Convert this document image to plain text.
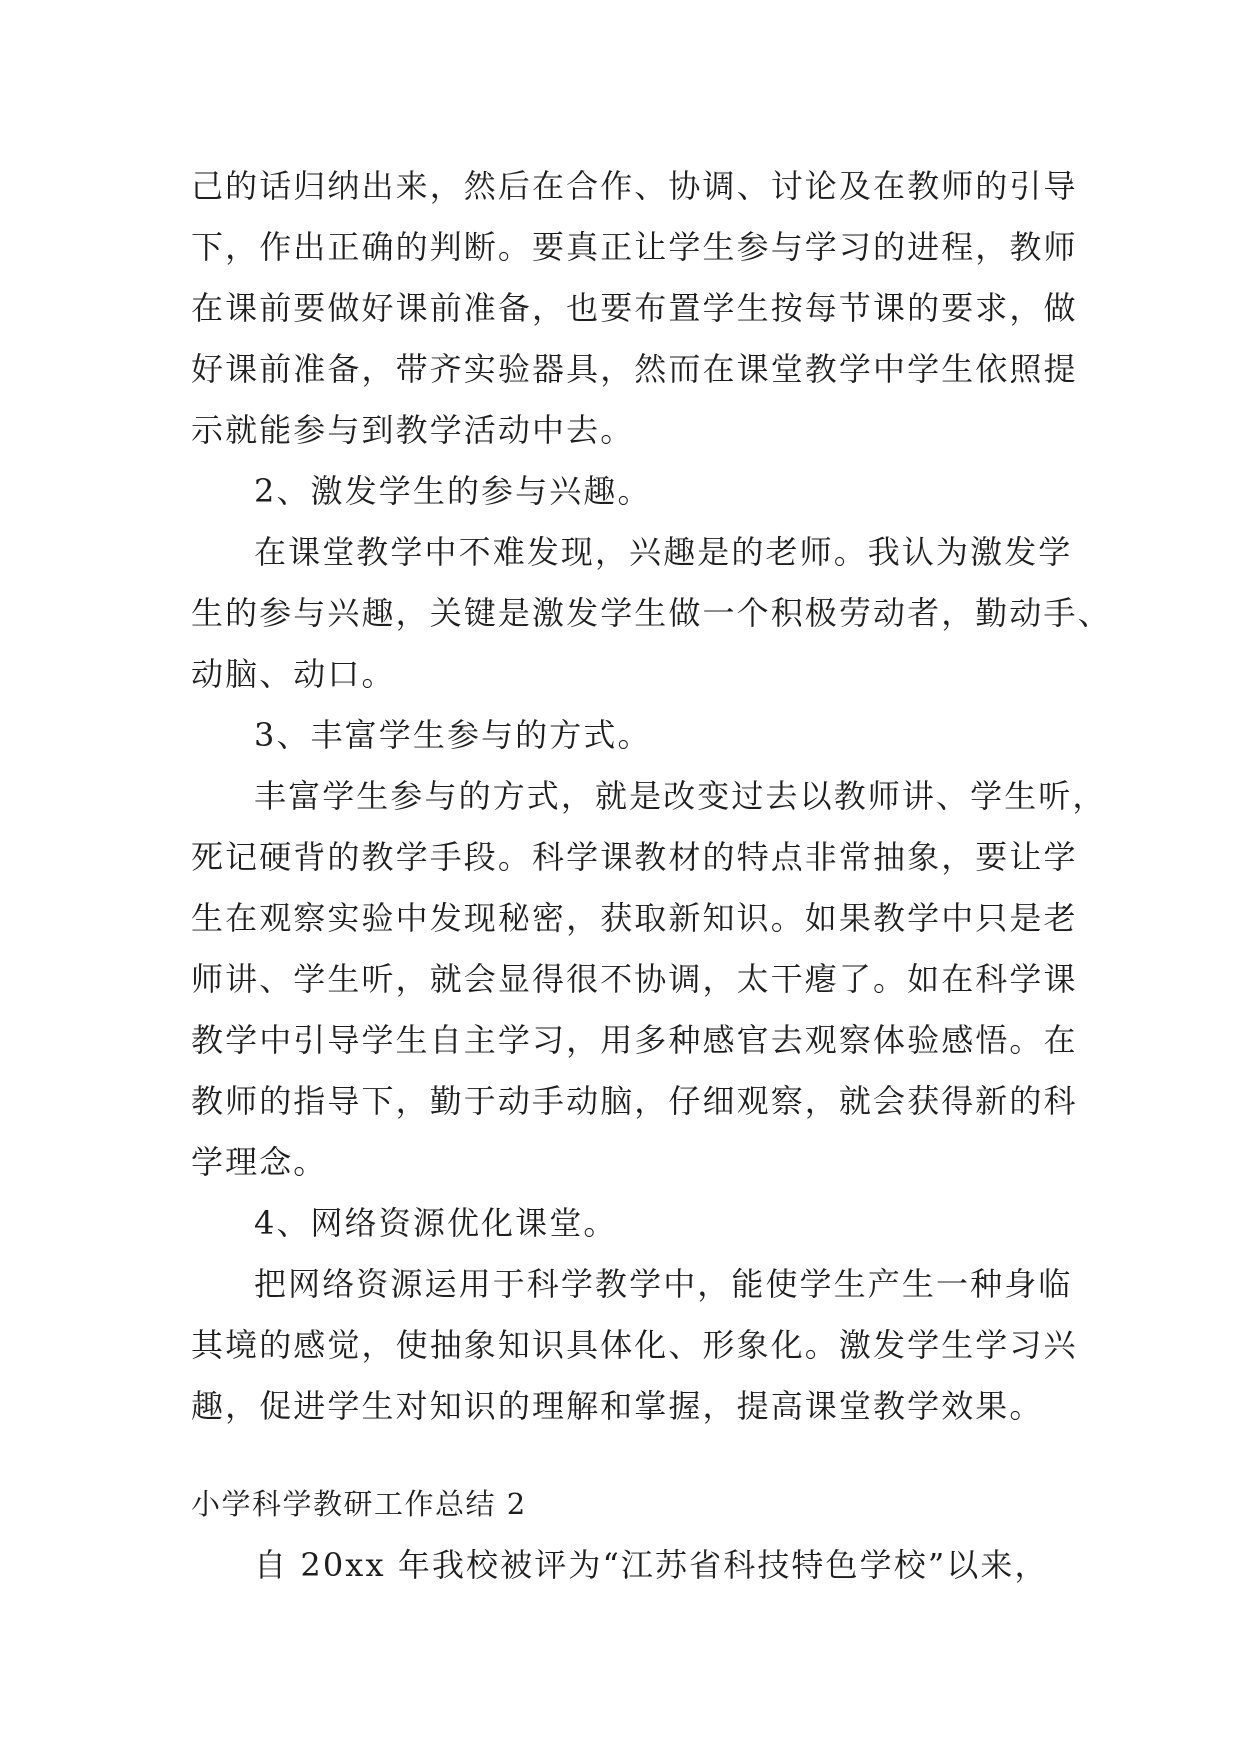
己的话归纳出来，然后在合作、协调、讨论及在教师的引导
下，作出正确的判断。要真正让学生参与学习的进程，教师
在课前要做好课前准备，也要布置学生按每节课的要求，做
好课前准备，带齐实验器具，然而在课堂教学中学生依照提
示就能参与到教学活动中去。
2、激发学生的参与兴趣。
在课堂教学中不难发现，兴趣是的老师。我认为激发学
生的参与兴趣，关键是激发学生做一个积极劳动者，勤动手、
动脑、动口。
3、丰富学生参与的方式。
丰富学生参与的方式，就是改变过去以教师讲、学生听，
死记硬背的教学手段。科学课教材的特点非常抽象，要让学
生在观察实验中发现秘密，获取新知识。如果教学中只是老
师讲、学生听，就会显得很不协调，太干瘪了。如在科学课
教学中引导学生自主学习，用多种感官去观察体验感悟。在
教师的指导下，勤于动手动脑，仔细观察，就会获得新的科
学理念。
4、网络资源优化课堂。
把网络资源运用于科学教学中，能使学生产生一种身临
其境的感觉，使抽象知识具体化、形象化。激发学生学习兴
趣，促进学生对知识的理解和掌握，提高课堂教学效果。
小学科学教研工作总结 2
自 20xx 年我校被评为“江苏省科技特色学校”以来，
